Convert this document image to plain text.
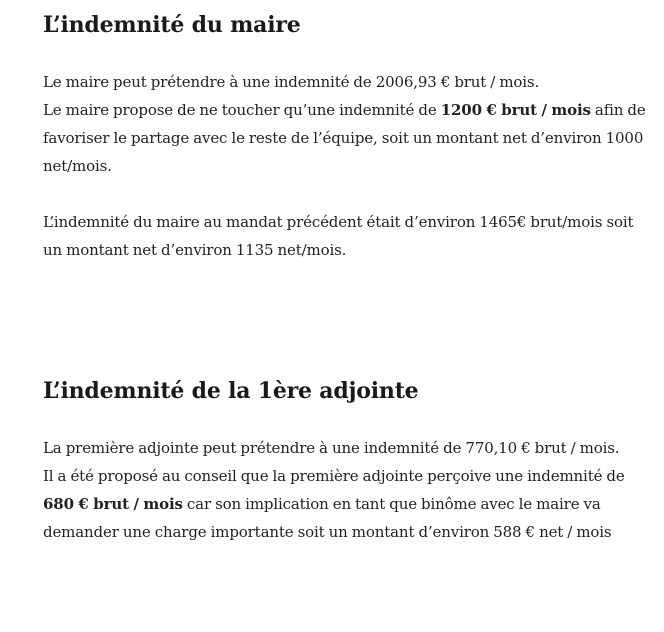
L’indemnité du maire

Le maire peut prétendre à une indemnité de 2006,93 € brut / mois.

Le maire propose de ne toucher qu’une indemnité de 1200 € brut / mois afin de favoriser le partage avec le reste de l’équipe, soit un montant net d’environ 1000 net/mois.

L’indemnité du maire au mandat précédent était d’environ 1465€ brut/mois soit un montant net d’environ 1135 net/mois.

L’indemnité de la 1ère adjointe

La première adjointe peut prétendre à une indemnité de 770,10 € brut / mois.

Il a été proposé au conseil que la première adjointe perçoive une indemnité de 680 € brut / mois car son implication en tant que binôme avec le maire va demander une charge importante soit un montant d’environ 588 € net / mois
